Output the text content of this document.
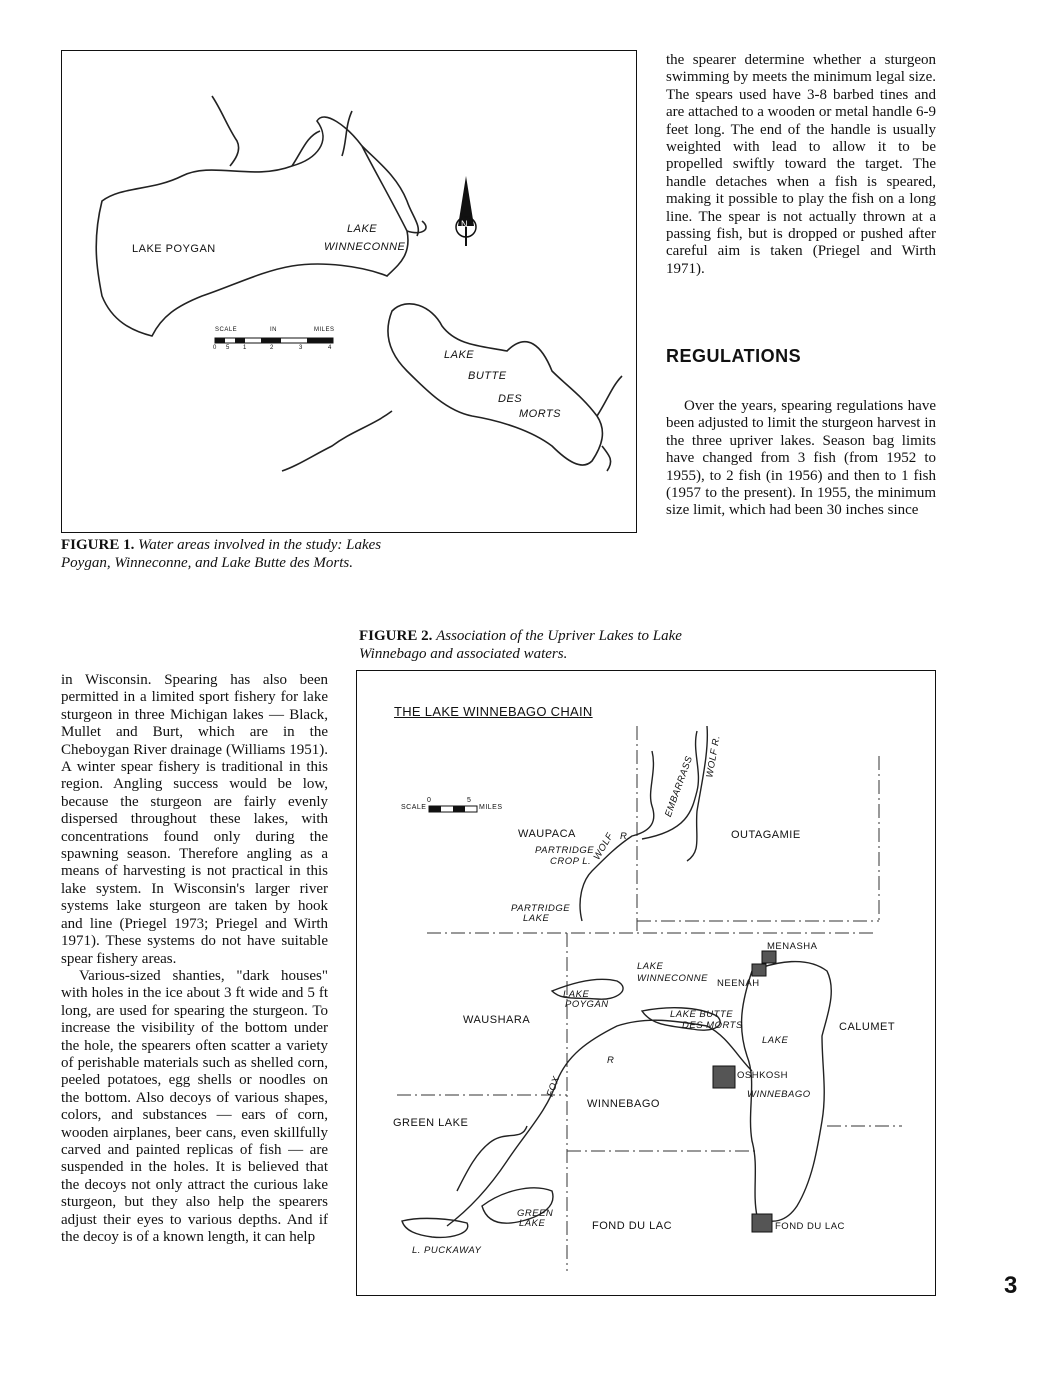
LAKE POYGAN
LAKE
WINNECONNE
LAKE
BUTTE
DES
MORTS
N
SCALE	IN	MILES
0 5 1	2	3	4
FIGURE 1. Water areas involved in the study: Lakes Poygan, Winneconne, and Lake Butte des Morts.

the spearer determine whether a sturgeon swimming by meets the minimum legal size. The spears used have 3-8 barbed tines and are attached to a wooden or metal handle 6-9 feet long. The end of the handle is usually weighted with lead to allow it to be propelled swiftly toward the target. The handle detaches when a fish is speared, making it possible to play the fish on a long line. The spear is not actually thrown at a passing fish, but is dropped or pushed after careful aim is taken (Priegel and Wirth 1971).

REGULATIONS

Over the years, spearing regulations have been adjusted to limit the sturgeon harvest in the three upriver lakes. Season bag limits have changed from 3 fish (from 1952 to 1955), to 2 fish (in 1956) and then to 1 fish (1957 to the present). In 1955, the minimum size limit, which had been 30 inches since

FIGURE 2. Association of the Upriver Lakes to Lake Winnebago and associated waters.

in Wisconsin. Spearing has also been permitted in a limited sport fishery for lake sturgeon in three Michigan lakes — Black, Mullet and Burt, which are in the Cheboygan River drainage (Williams 1951). A winter spear fishery is traditional in this region. Angling success would be low, because the sturgeon are fairly evenly dispersed throughout these lakes, with concentrations found only during the spawning season. Therefore angling as a means of harvesting is not practical in this lake system. In Wisconsin's larger river systems lake sturgeon are taken by hook and line (Priegel 1973; Priegel and Wirth 1971). These systems do not have suitable spear fishery areas.

Various-sized shanties, "dark houses" with holes in the ice about 3 ft wide and 5 ft long, are used for spearing the sturgeon. To increase the visibility of the bottom under the hole, the spearers often scatter a variety of perishable materials such as shelled corn, peeled potatoes, egg shells or noodles on the bottom. Also decoys of various shapes, colors, and substances — ears of corn, wooden airplanes, beer cans, even skillfully carved and painted replicas of fish — are suspended in the holes. It is believed that the decoys not only attract the curious lake sturgeon, but they also help the spearers adjust their eyes to various depths. And if the decoy is of a known length, it can help

THE LAKE WINNEBAGO CHAIN
SCALE
0	5
MILES
WAUPACA	OUTAGAMIE
WAUSHARA
CALUMET
GREEN LAKE
WINNEBAGO
FOND DU LAC
MENASHA
NEENAH
OSHKOSH
FOND DU LAC
PARTRIDGE
CROP L.
PARTRIDGE
LAKE
LAKE
WINNECONNE
LAKE
POYGAN
LAKE BUTTE
DES MORTS
LAKE
WINNEBAGO
GREEN
LAKE
L. PUCKAWAY
WOLF R.
WOLF R.
EMBARRASS
FOX
R
3
